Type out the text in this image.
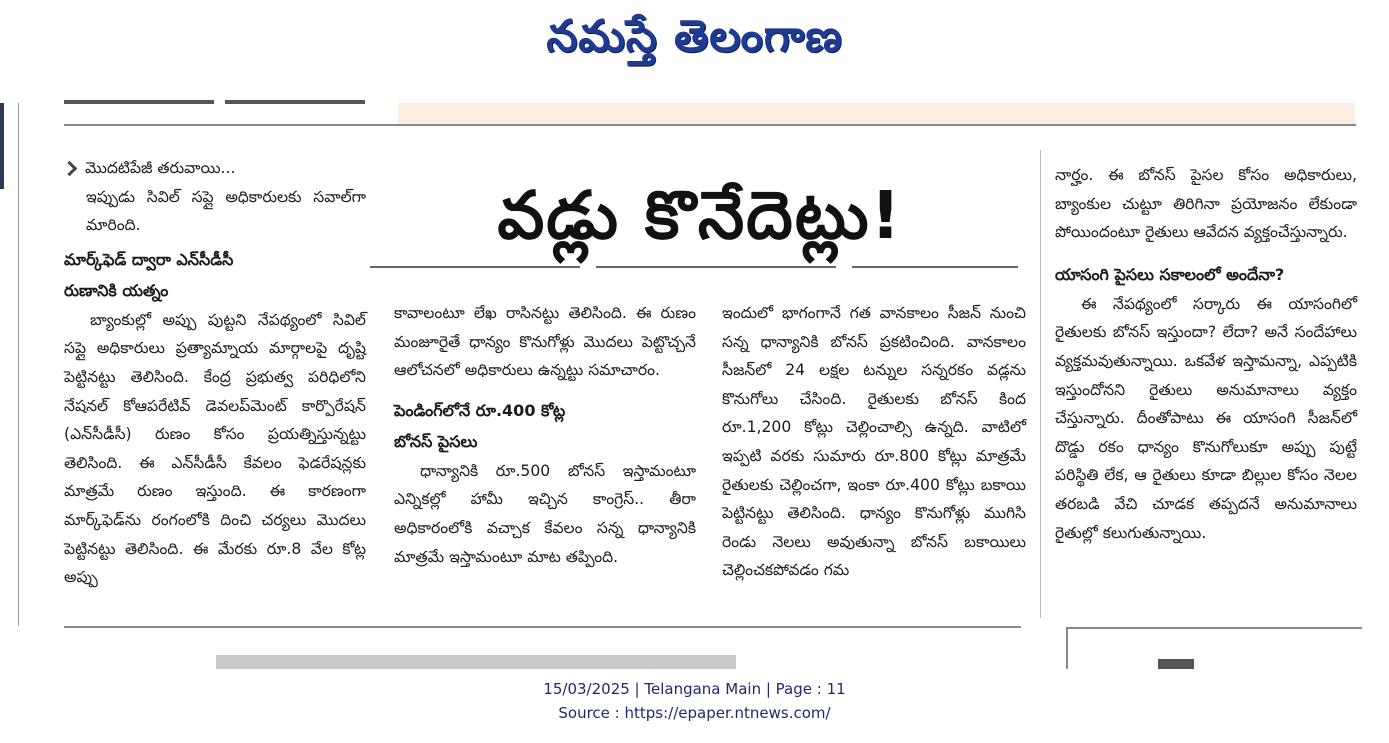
నమస్తే తెలంగాణ
వడ్లు కొనేదెట్లు!
మొదటిపేజీ తరువాయి...

ఇప్పుడు సివిల్ సప్లై అధికారులకు సవాల్‌గా మారింది.

మార్క్‌ఫెడ్ ద్వారా ఎన్‌సీడీసీ

రుణానికి యత్నం

బ్యాంకుల్లో అప్పు పుట్టని నేపథ్యంలో సివిల్ సప్లై అధికారులు ప్రత్యామ్నాయ మార్గాలపై దృష్టి పెట్టినట్టు తెలిసింది. కేంద్ర ప్రభుత్వ పరిధిలోని నేషనల్ కోఆపరేటివ్ డెవలప్‌మెంట్ కార్పొరేషన్ (ఎన్‌సీడీసీ) రుణం కోసం ప్రయత్నిస్తున్నట్టు తెలిసింది. ఈ ఎన్‌సీడీసీ కేవలం ఫెడరేషన్లకు మాత్రమే రుణం ఇస్తుంది. ఈ కారణంగా మార్క్‌ఫెడ్‌ను రంగంలోకి దించి చర్యలు మొదలు పెట్టినట్టు తెలిసింది. ఈ మేరకు రూ.8 వేల కోట్ల అప్పు

కావాలంటూ లేఖ రాసినట్టు తెలిసింది. ఈ రుణం మంజూరైతే ధాన్యం కొనుగోళ్లు మొదలు పెట్టొచ్చనే ఆలోచనలో అధికారులు ఉన్నట్టు సమాచారం.

పెండింగ్‌లోనే రూ.400 కోట్ల

బోనస్ పైసలు

ధాన్యానికి రూ.500 బోనస్ ఇస్తామంటూ ఎన్నికల్లో హామీ ఇచ్చిన కాంగ్రెస్.. తీరా అధికారంలోకి వచ్చాక కేవలం సన్న ధాన్యానికి మాత్రమే ఇస్తామంటూ మాట తప్పింది.

ఇందులో భాగంగానే గత వానకాలం సీజన్ నుంచి సన్న ధాన్యానికి బోనస్ ప్రకటించింది. వానకాలం సీజన్‌లో 24 లక్షల టన్నుల సన్నరకం వడ్లను కొనుగోలు చేసింది. రైతులకు బోనస్ కింద రూ.1,200 కోట్లు చెల్లించాల్సి ఉన్నది. వాటిలో ఇప్పటి వరకు సుమారు రూ.800 కోట్లు మాత్రమే రైతులకు చెల్లించగా, ఇంకా రూ.400 కోట్లు బకాయి పెట్టినట్టు తెలిసింది. ధాన్యం కొనుగోళ్లు ముగిసి రెండు నెలలు అవుతున్నా బోనస్ బకాయిలు చెల్లించకపోవడం గమ

నార్హం. ఈ బోనస్ పైసల కోసం అధికారులు, బ్యాంకుల చుట్టూ తిరిగినా ప్రయోజనం లేకుండా పోయిందంటూ రైతులు ఆవేదన వ్యక్తంచేస్తున్నారు.

యాసంగి పైసలు సకాలంలో అందేనా?

ఈ నేపథ్యంలో సర్కారు ఈ యాసంగిలో రైతులకు బోనస్ ఇస్తుందా? లేదా? అనే సందేహాలు వ్యక్తమవుతున్నాయి. ఒకవేళ ఇస్తామన్నా, ఎప్పటికి ఇస్తుందోనని రైతులు అనుమానాలు వ్యక్తం చేస్తున్నారు. దీంతోపాటు ఈ యాసంగి సీజన్‌లో దొడ్డు రకం ధాన్యం కొనుగోలుకూ అప్పు పుట్టే పరిస్థితి లేక, ఆ రైతులు కూడా బిల్లుల కోసం నెలల తరబడి వేచి చూడక తప్పదనే అనుమానాలు రైతుల్లో కలుగుతున్నాయి.

15/03/2025 | Telangana Main | Page : 11
Source : https://epaper.ntnews.com/
